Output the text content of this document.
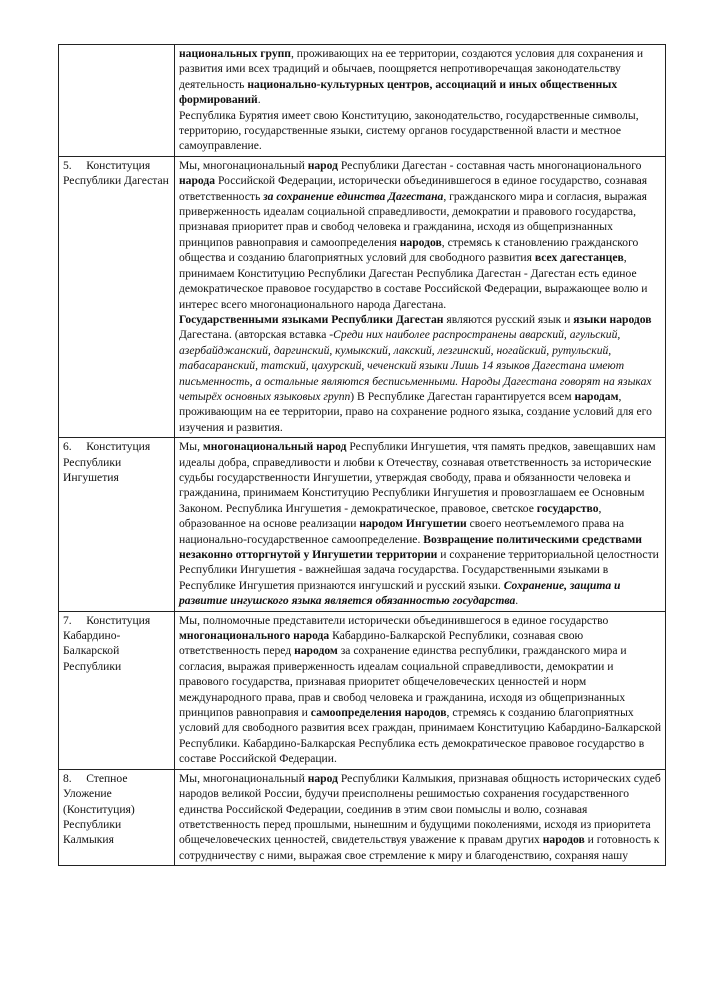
	национальных групп, проживающих на ее территории, создаются условия для сохранения и развития ими всех традиций и обычаев, поощряется непротиворечащая законодательству деятельность национально-культурных центров, ассоциаций и иных общественных формирований.
Республика Бурятия имеет свою Конституцию, законодательство, государственные символы, территорию, государственные языки, систему органов государственной власти и местное самоуправление.

5.     Конституция Республики Дагестан	Мы, многонациональный народ Республики Дагестан - составная часть многонационального народа Российской Федерации, исторически объединившегося в единое государство, сознавая ответственность за сохранение единства Дагестана, гражданского мира и согласия, выражая приверженность идеалам социальной справедливости, демократии и правового государства, признавая приоритет прав и свобод человека и гражданина, исходя из общепризнанных принципов равноправия и самоопределения народов, стремясь к становлению гражданского общества и созданию благоприятных условий для свободного развития всех дагестанцев, принимаем Конституцию Республики Дагестан Республика Дагестан - Дагестан есть единое демократическое правовое государство в составе Российской Федерации, выражающее волю и интерес всего многонационального народа Дагестана.
Государственными языками Республики Дагестан являются русский язык и языки народов Дагестана. (авторская вставка -Среди них наиболее распространены аварский, агульский, азербайджанский, даргинский, кумыкский, лакский, лезгинский, ногайский, рутульский, табасаранский, татский, цахурский, чеченский языки Лишь 14 языков Дагестана имеют письменность, а остальные являются бесписьменными. Народы Дагестана говорят на языках четырёх основных языковых групп) В Республике Дагестан гарантируется всем народам, проживающим на ее территории, право на сохранение родного языка, создание условий для его изучения и развития.

6.     Конституция Республики Ингушетия	Мы, многонациональный народ Республики Ингушетия, чтя память предков, завещавших нам идеалы добра, справедливости и любви к Отечеству, сознавая ответственность за исторические судьбы государственности Ингушетии, утверждая свободу, права и обязанности человека и гражданина, принимаем Конституцию Республики Ингушетия и провозглашаем ее Основным Законом. Республика Ингушетия - демократическое, правовое, светское государство, образованное на основе реализации народом Ингушетии своего неотъемлемого права на национально-государственное самоопределение. Возвращение политическими средствами незаконно отторгнутой у Ингушетии территории и сохранение территориальной целостности Республики Ингушетия - важнейшая задача государства. Государственными языками в Республике Ингушетия признаются ингушский и русский языки. Сохранение, защита и развитие ингушского языка является обязанностью государства.

7.     Конституция Кабардино-Балкарской Республики	Мы, полномочные представители исторически объединившегося в единое государство многонационального народа Кабардино-Балкарской Республики, сознавая свою ответственность перед народом за сохранение единства республики, гражданского мира и согласия, выражая приверженность идеалам социальной справедливости, демократии и правового государства, признавая приоритет общечеловеческих ценностей и норм международного права, прав и свобод человека и гражданина, исходя из общепризнанных принципов равноправия и самоопределения народов, стремясь к созданию благоприятных условий для свободного развития всех граждан, принимаем Конституцию Кабардино-Балкарской Республики. Кабардино-Балкарская Республика есть демократическое правовое государство в составе Российской Федерации.

8.     Степное Уложение (Конституция) Республики Калмыкия	Мы, многонациональный народ Республики Калмыкия, признавая общность исторических судеб народов великой России, будучи преисполнены решимостью сохранения государственного единства Российской Федерации, соединив в этим свои помыслы и волю, сознавая ответственность перед прошлыми, нынешним и будущими поколениями, исходя из приоритета общечеловеческих ценностей, свидетельствуя уважение к правам других народов и готовность к сотрудничеству с ними, выражая свое стремление к миру и благоденствию, сохраняя нашу
